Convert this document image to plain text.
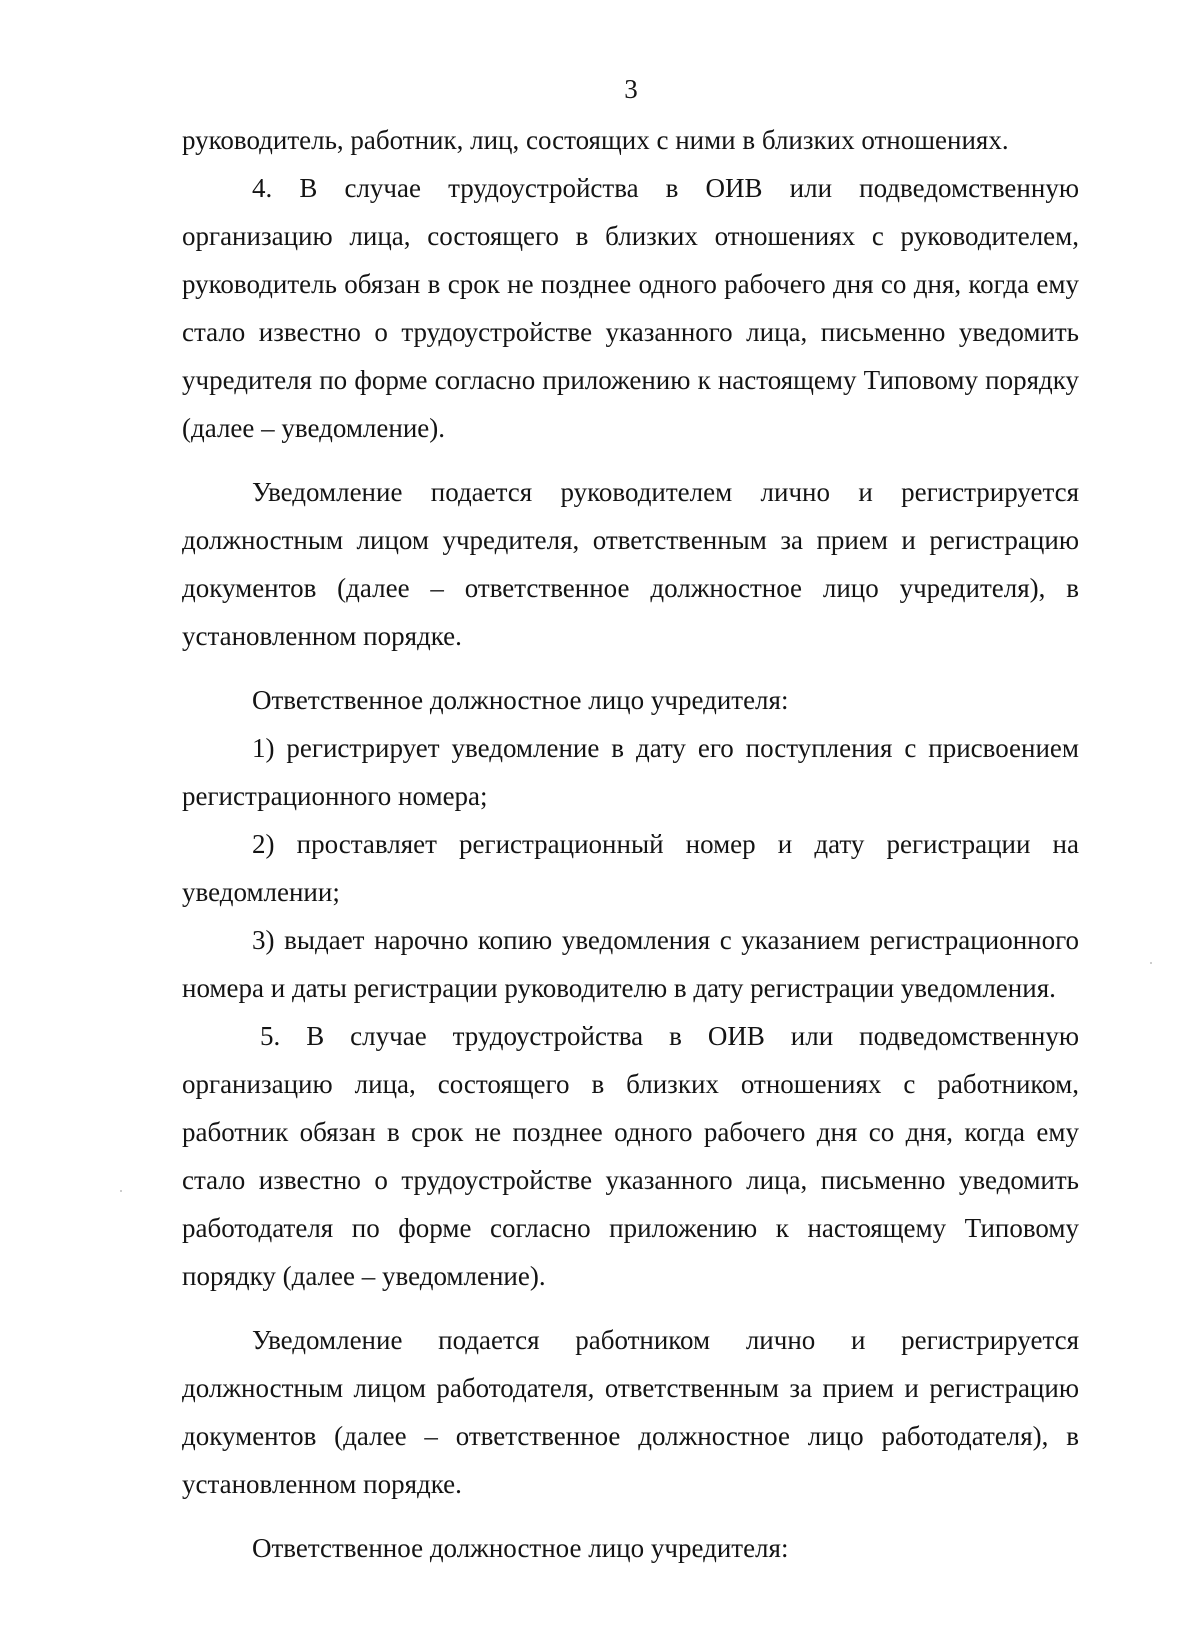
3

руководитель, работник, лиц, состоящих с ними в близких отношениях.

4. В случае трудоустройства в ОИВ или подведомственную организацию лица, состоящего в близких отношениях с руководителем, руководитель обязан в срок не позднее одного рабочего дня со дня, когда ему стало известно о трудоустройстве указанного лица, письменно уведомить учредителя по форме согласно приложению к настоящему Типовому порядку (далее – уведомление).

Уведомление подается руководителем лично и регистрируется должностным лицом учредителя, ответственным за прием и регистрацию документов (далее – ответственное должностное лицо учредителя), в установленном порядке.

Ответственное должностное лицо учредителя:

1) регистрирует уведомление в дату его поступления с присвоением регистрационного номера;

2) проставляет регистрационный номер и дату регистрации на уведомлении;

3) выдает нарочно копию уведомления с указанием регистрационного номера и даты регистрации руководителю в дату регистрации уведомления.

5. В случае трудоустройства в ОИВ или подведомственную организацию лица, состоящего в близких отношениях с работником, работник обязан в срок не позднее одного рабочего дня со дня, когда ему стало известно о трудоустройстве указанного лица, письменно уведомить работодателя по форме согласно приложению к настоящему Типовому порядку (далее – уведомление).

Уведомление подается работником лично и регистрируется должностным лицом работодателя, ответственным за прием и регистрацию документов (далее – ответственное должностное лицо работодателя), в установленном порядке.

Ответственное должностное лицо учредителя:
